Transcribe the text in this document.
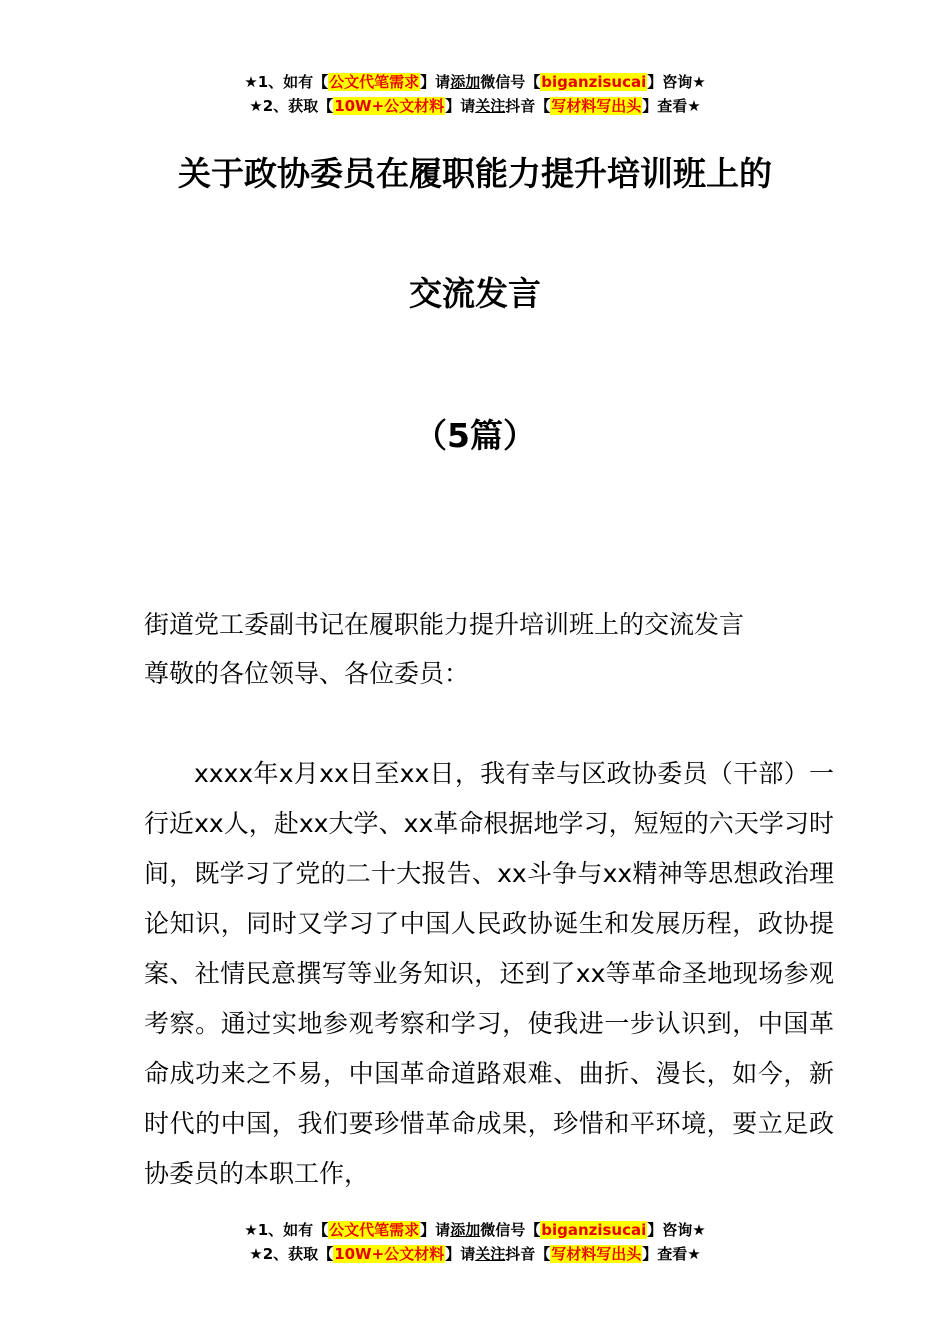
★1、如有【公文代笔需求】请添加微信号【biganzisucai】咨询★
★2、获取【10W+公文材料】请关注抖音【写材料写出头】查看★
关于政协委员在履职能力提升培训班上的
交流发言
（5篇）
街道党工委副书记在履职能力提升培训班上的交流发言
尊敬的各位领导、各位委员：
xxxx年x月xx日至xx日，我有幸与区政协委员（干部）一行近xx人，赴xx大学、xx革命根据地学习，短短的六天学习时间，既学习了党的二十大报告、xx斗争与xx精神等思想政治理论知识，同时又学习了中国人民政协诞生和发展历程，政协提案、社情民意撰写等业务知识，还到了xx等革命圣地现场参观考察。通过实地参观考察和学习，使我进一步认识到，中国革命成功来之不易，中国革命道路艰难、曲折、漫长，如今，新时代的中国，我们要珍惜革命成果，珍惜和平环境，要立足政协委员的本职工作，
★1、如有【公文代笔需求】请添加微信号【biganzisucai】咨询★
★2、获取【10W+公文材料】请关注抖音【写材料写出头】查看★
